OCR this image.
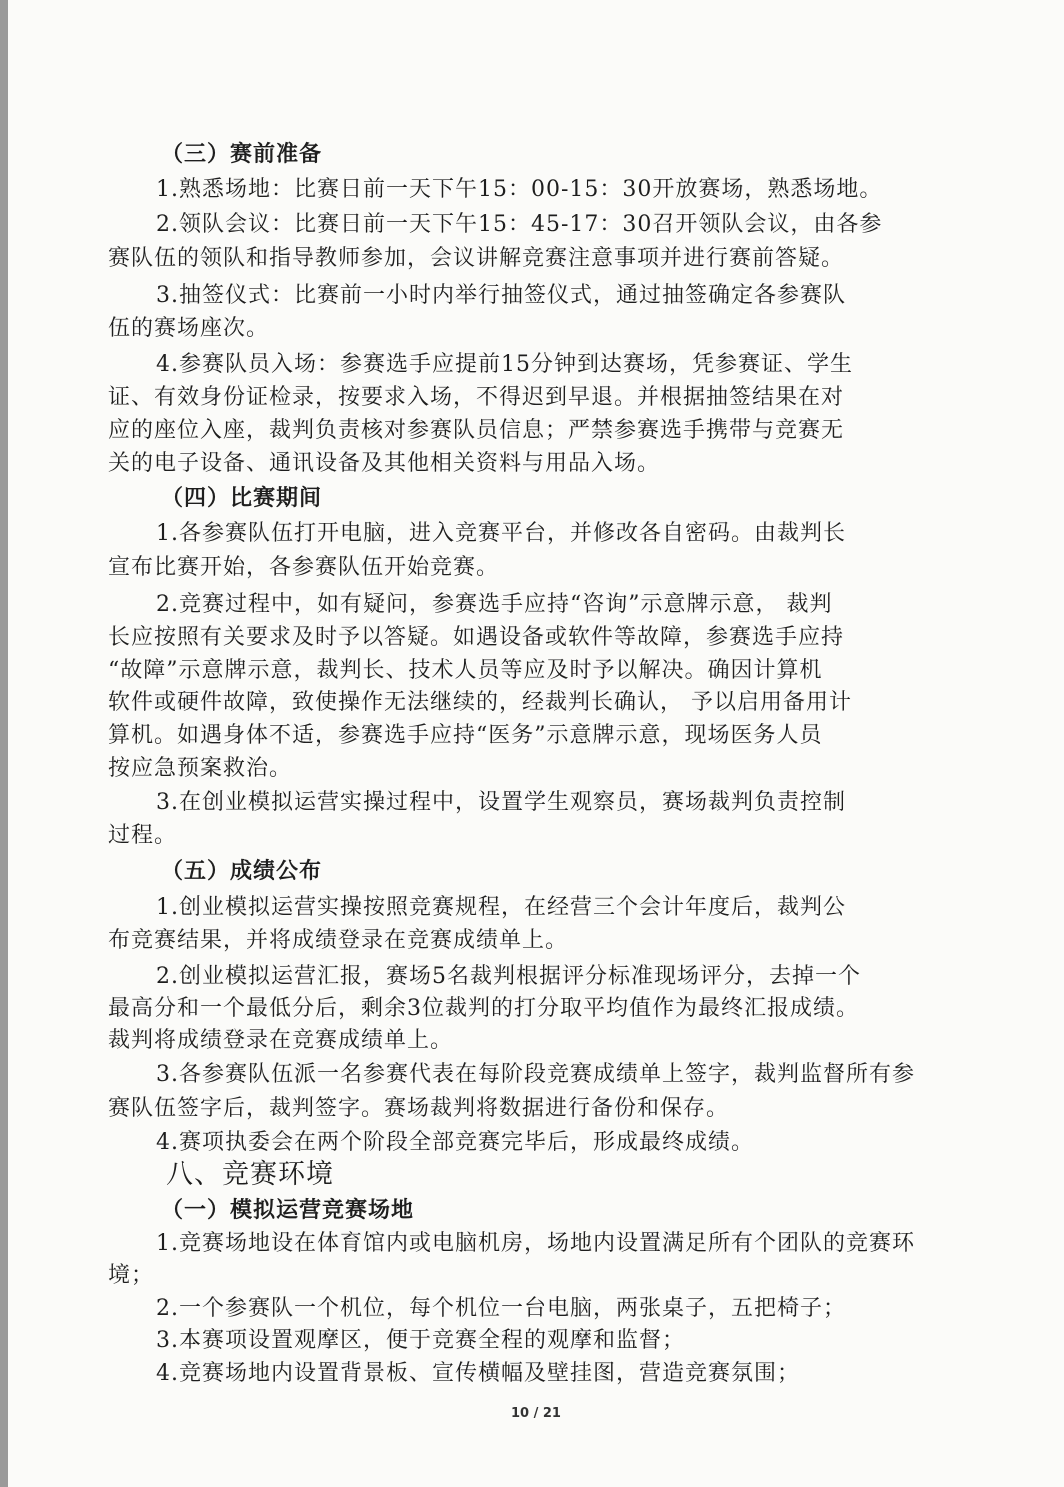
（三）赛前准备
1.熟悉场地：比赛日前一天下午15：00-15：30开放赛场，熟悉场地。
2.领队会议：比赛日前一天下午15：45-17：30召开领队会议，由各参
赛队伍的领队和指导教师参加，会议讲解竞赛注意事项并进行赛前答疑。
3.抽签仪式：比赛前一小时内举行抽签仪式，通过抽签确定各参赛队
伍的赛场座次。
4.参赛队员入场：参赛选手应提前15分钟到达赛场，凭参赛证、学生
证、有效身份证检录，按要求入场，不得迟到早退。并根据抽签结果在对
应的座位入座，裁判负责核对参赛队员信息；严禁参赛选手携带与竞赛无
关的电子设备、通讯设备及其他相关资料与用品入场。
（四）比赛期间
1.各参赛队伍打开电脑，进入竞赛平台，并修改各自密码。由裁判长
宣布比赛开始，各参赛队伍开始竞赛。
2.竞赛过程中，如有疑问，参赛选手应持“咨询”示意牌示意， 裁判
长应按照有关要求及时予以答疑。如遇设备或软件等故障，参赛选手应持
“故障”示意牌示意，裁判长、技术人员等应及时予以解决。确因计算机
软件或硬件故障，致使操作无法继续的，经裁判长确认， 予以启用备用计
算机。如遇身体不适，参赛选手应持“医务”示意牌示意，现场医务人员
按应急预案救治。
3.在创业模拟运营实操过程中，设置学生观察员，赛场裁判负责控制
过程。
（五）成绩公布
1.创业模拟运营实操按照竞赛规程，在经营三个会计年度后，裁判公
布竞赛结果，并将成绩登录在竞赛成绩单上。
2.创业模拟运营汇报，赛场5名裁判根据评分标准现场评分，去掉一个
最高分和一个最低分后，剩余3位裁判的打分取平均值作为最终汇报成绩。
裁判将成绩登录在竞赛成绩单上。
3.各参赛队伍派一名参赛代表在每阶段竞赛成绩单上签字，裁判监督所有参
赛队伍签字后，裁判签字。赛场裁判将数据进行备份和保存。
4.赛项执委会在两个阶段全部竞赛完毕后，形成最终成绩。
八、竞赛环境
（一）模拟运营竞赛场地
1.竞赛场地设在体育馆内或电脑机房，场地内设置满足所有个团队的竞赛环
境；
2.一个参赛队一个机位，每个机位一台电脑，两张桌子，五把椅子；
3.本赛项设置观摩区，便于竞赛全程的观摩和监督；
4.竞赛场地内设置背景板、宣传横幅及壁挂图，营造竞赛氛围；
10 / 21
